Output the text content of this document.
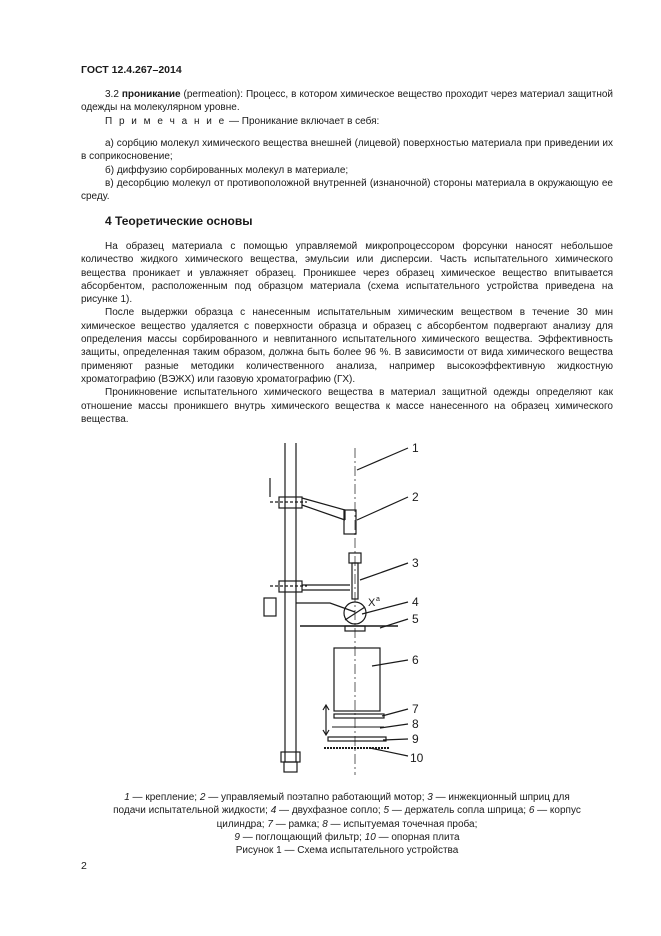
ГОСТ 12.4.267–2014

3.2 проникание (permeation): Процесс, в котором химическое вещество проходит через материал защитной одежды на молекулярном уровне.

П р и м е ч а н и е — Проникание включает в себя:

а) сорбцию молекул химического вещества внешней (лицевой) поверхностью материала при приведении их в соприкосновение;

б) диффузию сорбированных молекул в материале;

в) десорбцию молекул от противоположной внутренней (изнаночной) стороны материала в окружающую ее среду.

4 Теоретические основы

На образец материала с помощью управляемой микропроцессором форсунки наносят небольшое количество жидкого химического вещества, эмульсии или дисперсии. Часть испытательного химического вещества проникает и увлажняет образец. Проникшее через образец химическое вещество впитывается абсорбентом, расположенным под образцом материала (схема испытательного устройства приведена на рисунке 1).

После выдержки образца с нанесенным испытательным химическим веществом в течение 30 мин химическое вещество удаляется с поверхности образца и образец с абсорбентом подвергают анализу для определения массы сорбированного и невпитанного испытательного химического вещества. Эффективность защиты, определенная таким образом, должна быть более 96 %. В зависимости от вида химического вещества применяют разные методики количественного анализа, например высокоэффективную жидкостную хроматографию (ВЭЖХ) или газовую хроматографию (ГХ).

Проникновение испытательного химического вещества в материал защитной одежды определяют как отношение массы проникшего внутрь химического вещества к массе нанесенного на образец химического вещества.

1
2
3
4
5
6
7
8
9
10
X a

1 — крепление; 2 — управляемый поэтапно работающий мотор; 3 — инжекционный шприц для

подачи испытательной жидкости; 4 — двухфазное сопло; 5 — держатель сопла шприца; 6 — корпус

цилиндра; 7 — рамка; 8 — испытуемая точечная проба;

9 — поглощающий фильтр; 10 — опорная плита

Рисунок 1 — Схема испытательного устройства

2
